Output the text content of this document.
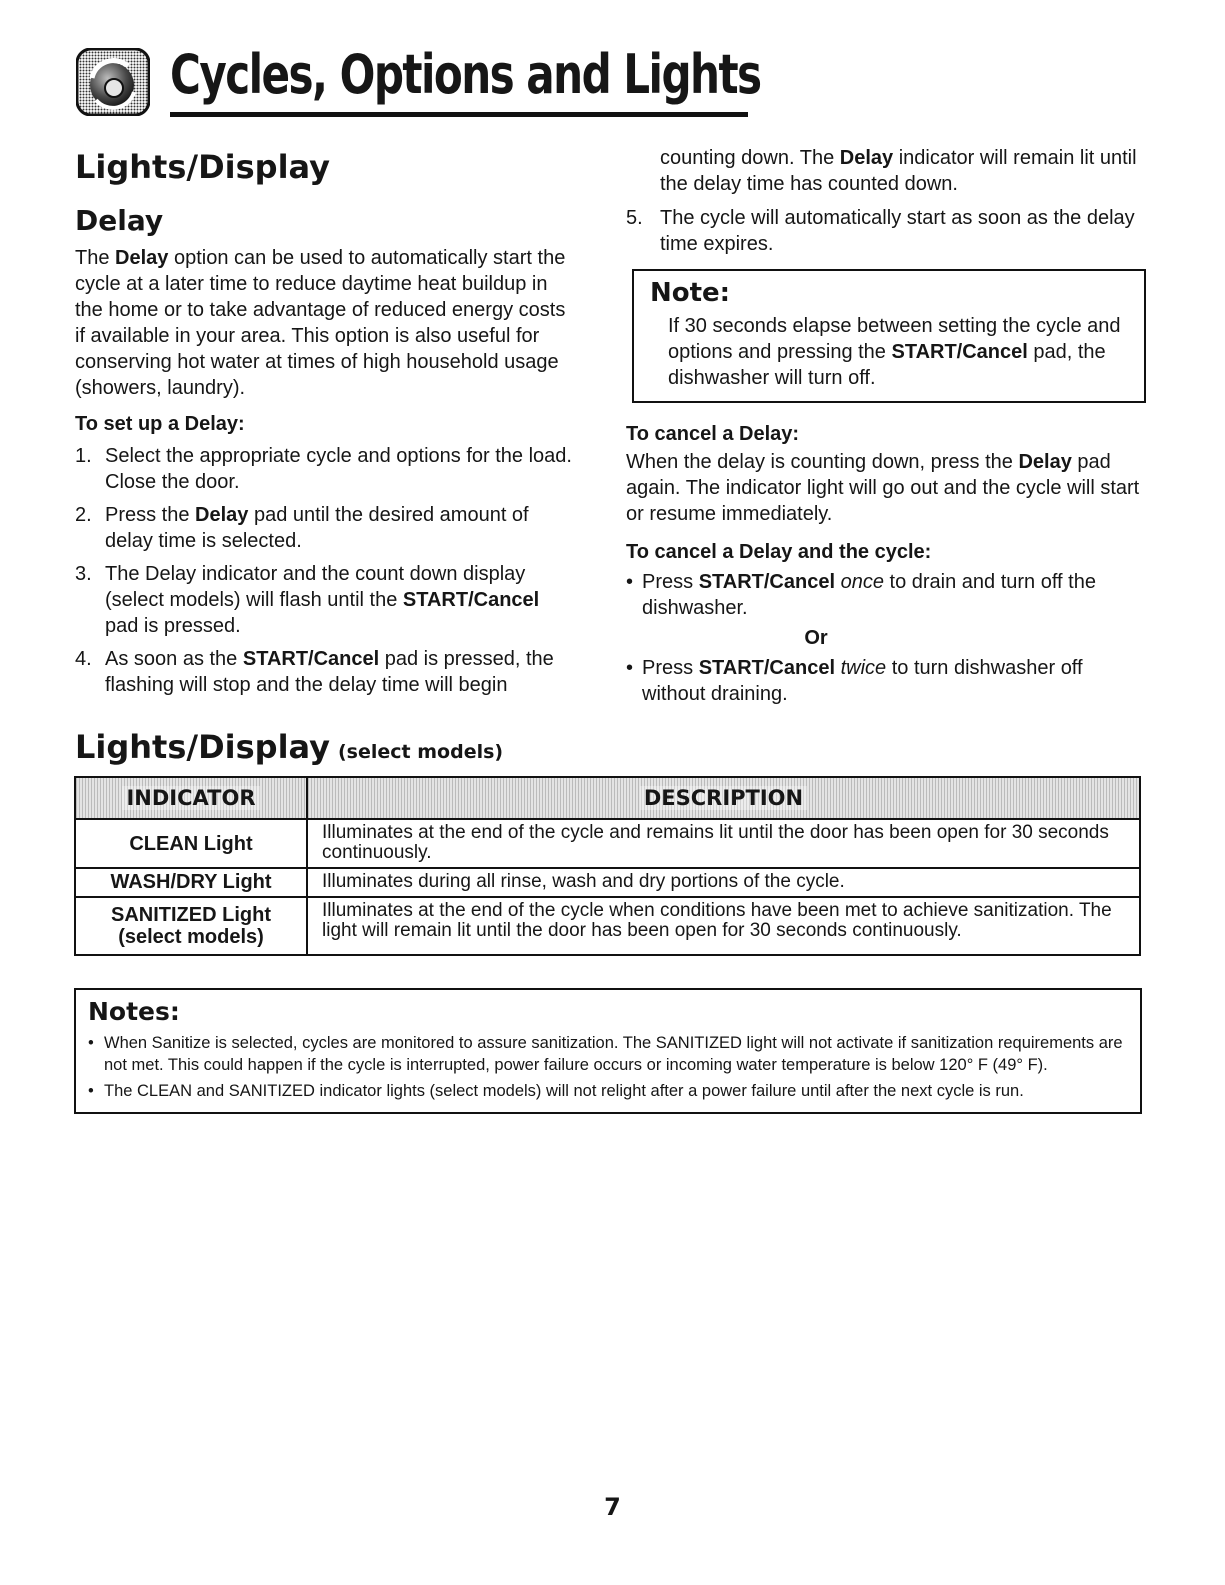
Cycles, Options and Lights
Lights/Display
Delay

The Delay option can be used to automatically start the cycle at a later time to reduce daytime heat buildup in the home or to take advantage of reduced energy costs if available in your area. This option is also useful for conserving hot water at times of high household usage (showers, laundry).

To set up a Delay:

1. Select the appropriate cycle and options for the load. Close the door.
2. Press the Delay pad until the desired amount of delay time is selected.
3. The Delay indicator and the count down display (select models) will flash until the START/Cancel pad is pressed.
4. As soon as the START/Cancel pad is pressed, the flashing will stop and the delay time will begin

counting down. The Delay indicator will remain lit until the delay time has counted down.

5. The cycle will automatically start as soon as the delay time expires.
Note:

If 30 seconds elapse between setting the cycle and options and pressing the START/Cancel pad, the dishwasher will turn off.

To cancel a Delay:

When the delay is counting down, press the Delay pad again. The indicator light will go out and the cycle will start or resume immediately.

To cancel a Delay and the cycle:

• Press START/Cancel once to drain and turn off the dishwasher.
Or
• Press START/Cancel twice to turn dishwasher off without draining.
Lights/Display (select models)
INDICATOR	DESCRIPTION
CLEAN Light	Illuminates at the end of the cycle and remains lit until the door has been open for 30 seconds continuously.
WASH/DRY Light	Illuminates during all rinse, wash and dry portions of the cycle.

SANITIZED Light
(select models)	Illuminates at the end of the cycle when conditions have been met to achieve sanitization. The light will remain lit until the door has been open for 30 seconds continuously.
Notes:
• When Sanitize is selected, cycles are monitored to assure sanitization. The SANITIZED light will not activate if sanitization requirements are not met. This could happen if the cycle is interrupted, power failure occurs or incoming water temperature is below 120° F (49° F).
• The CLEAN and SANITIZED indicator lights (select models) will not relight after a power failure until after the next cycle is run.
7
